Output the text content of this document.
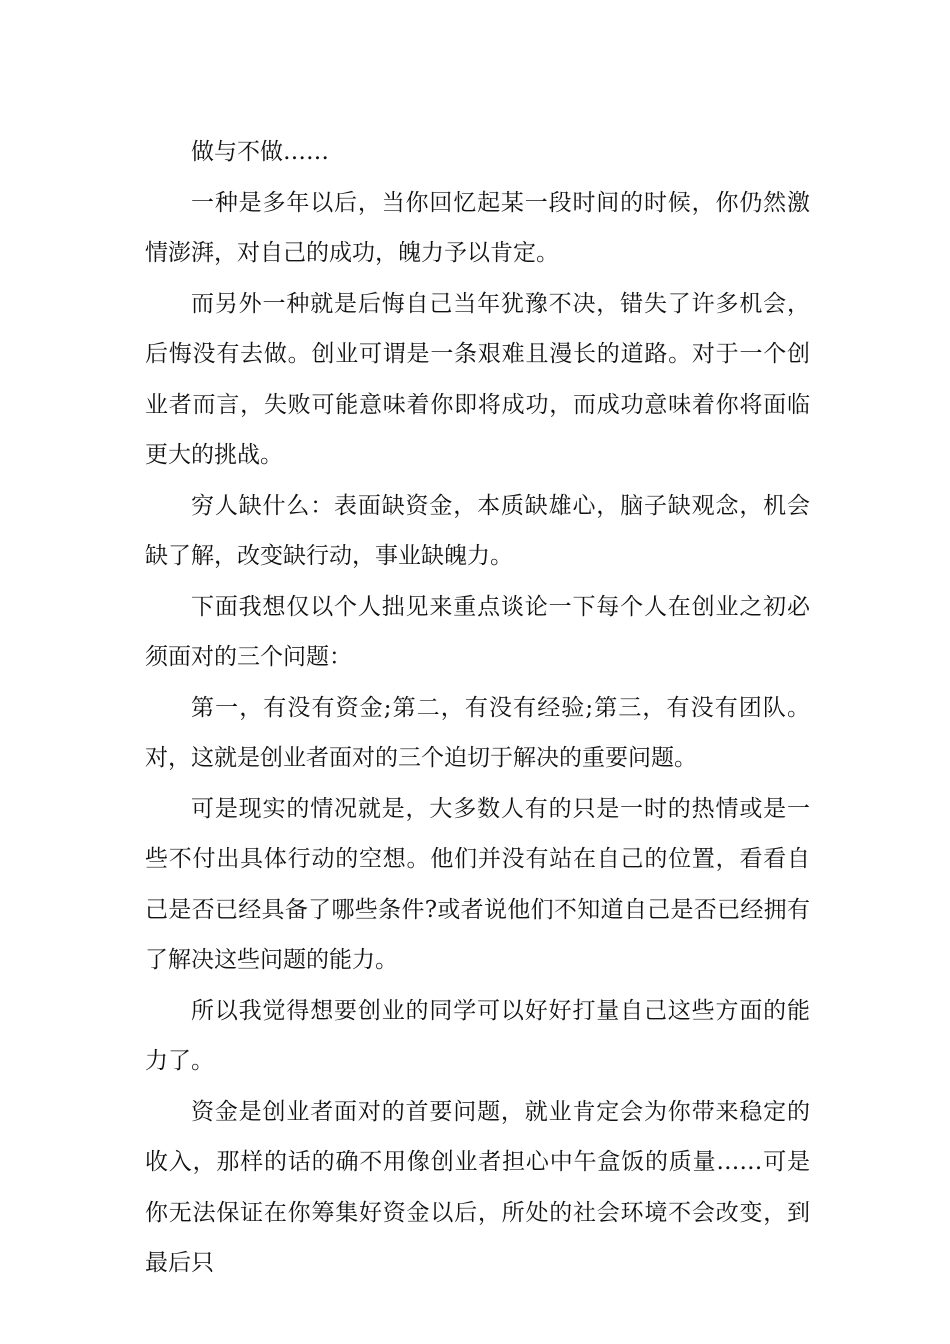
做与不做……

一种是多年以后，当你回忆起某一段时间的时候，你仍然激情澎湃，对自己的成功，魄力予以肯定。

而另外一种就是后悔自己当年犹豫不决，错失了许多机会，后悔没有去做。创业可谓是一条艰难且漫长的道路。对于一个创业者而言，失败可能意味着你即将成功，而成功意味着你将面临更大的挑战。

穷人缺什么：表面缺资金，本质缺雄心，脑子缺观念，机会缺了解，改变缺行动，事业缺魄力。

下面我想仅以个人拙见来重点谈论一下每个人在创业之初必须面对的三个问题：

第一，有没有资金;第二，有没有经验;第三，有没有团队。对，这就是创业者面对的三个迫切于解决的重要问题。

可是现实的情况就是，大多数人有的只是一时的热情或是一些不付出具体行动的空想。他们并没有站在自己的位置，看看自己是否已经具备了哪些条件?或者说他们不知道自己是否已经拥有了解决这些问题的能力。

所以我觉得想要创业的同学可以好好打量自己这些方面的能力了。

资金是创业者面对的首要问题，就业肯定会为你带来稳定的收入，那样的话的确不用像创业者担心中午盒饭的质量……可是你无法保证在你筹集好资金以后，所处的社会环境不会改变，到最后只
